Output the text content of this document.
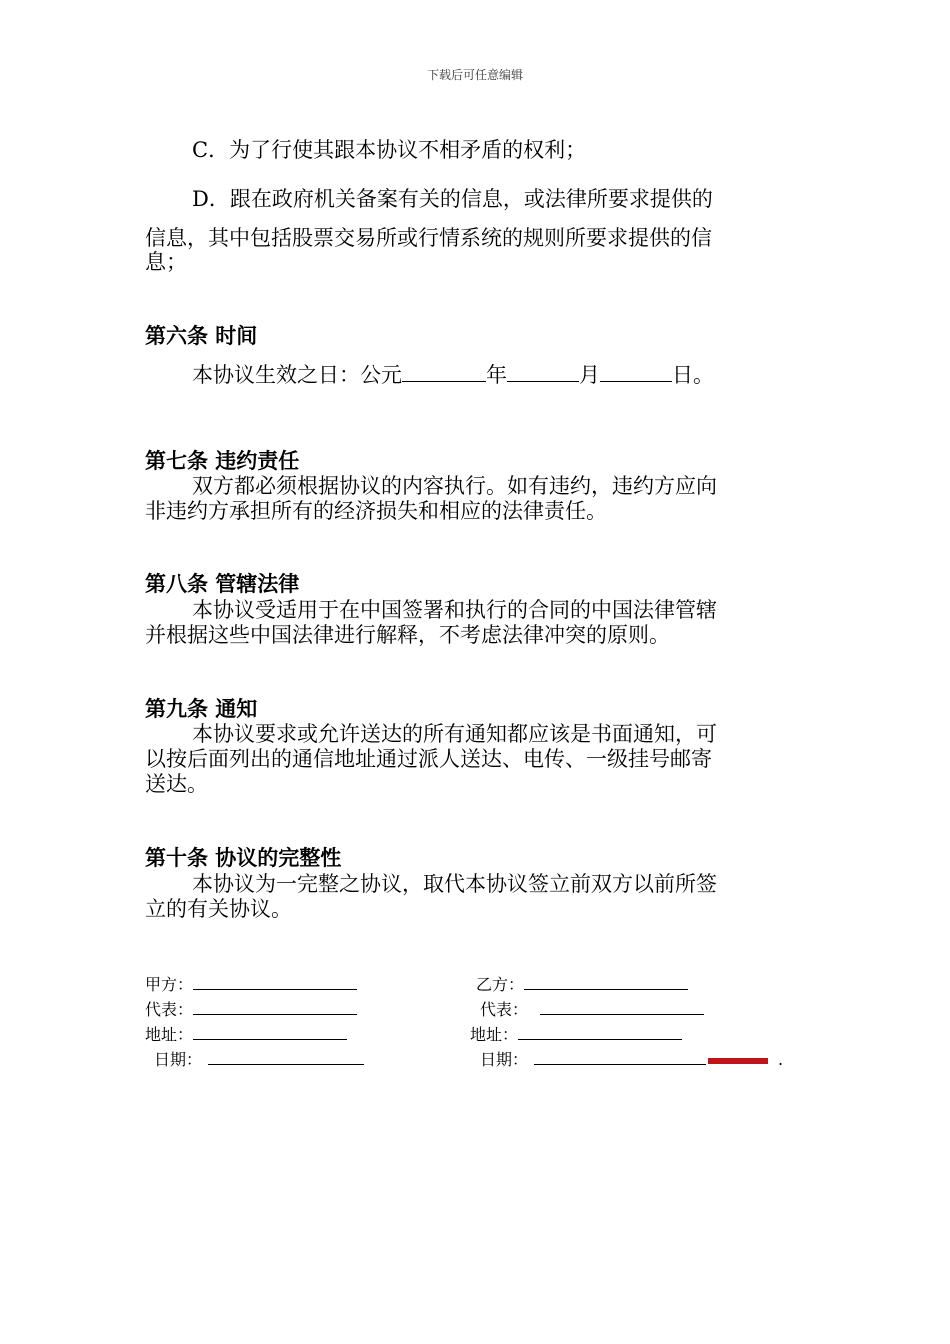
下载后可任意编辑
C．为了行使其跟本协议不相矛盾的权利；
D．跟在政府机关备案有关的信息，或法律所要求提供的
信息，其中包括股票交易所或行情系统的规则所要求提供的信
息；
第六条 时间
本协议生效之日：公元	年	月	日。
第七条 违约责任
双方都必须根据协议的内容执行。如有违约，违约方应向
非违约方承担所有的经济损失和相应的法律责任。
第八条 管辖法律
本协议受适用于在中国签署和执行的合同的中国法律管辖
并根据这些中国法律进行解释，不考虑法律冲突的原则。
第九条 通知
本协议要求或允许送达的所有通知都应该是书面通知，可
以按后面列出的通信地址通过派人送达、电传、一级挂号邮寄
送达。
第十条 协议的完整性
本协议为一完整之协议，取代本协议签立前双方以前所签
立的有关协议。
甲方：	乙方：
代表：	代表：
地址：	地址：
日期：	日期：	.
